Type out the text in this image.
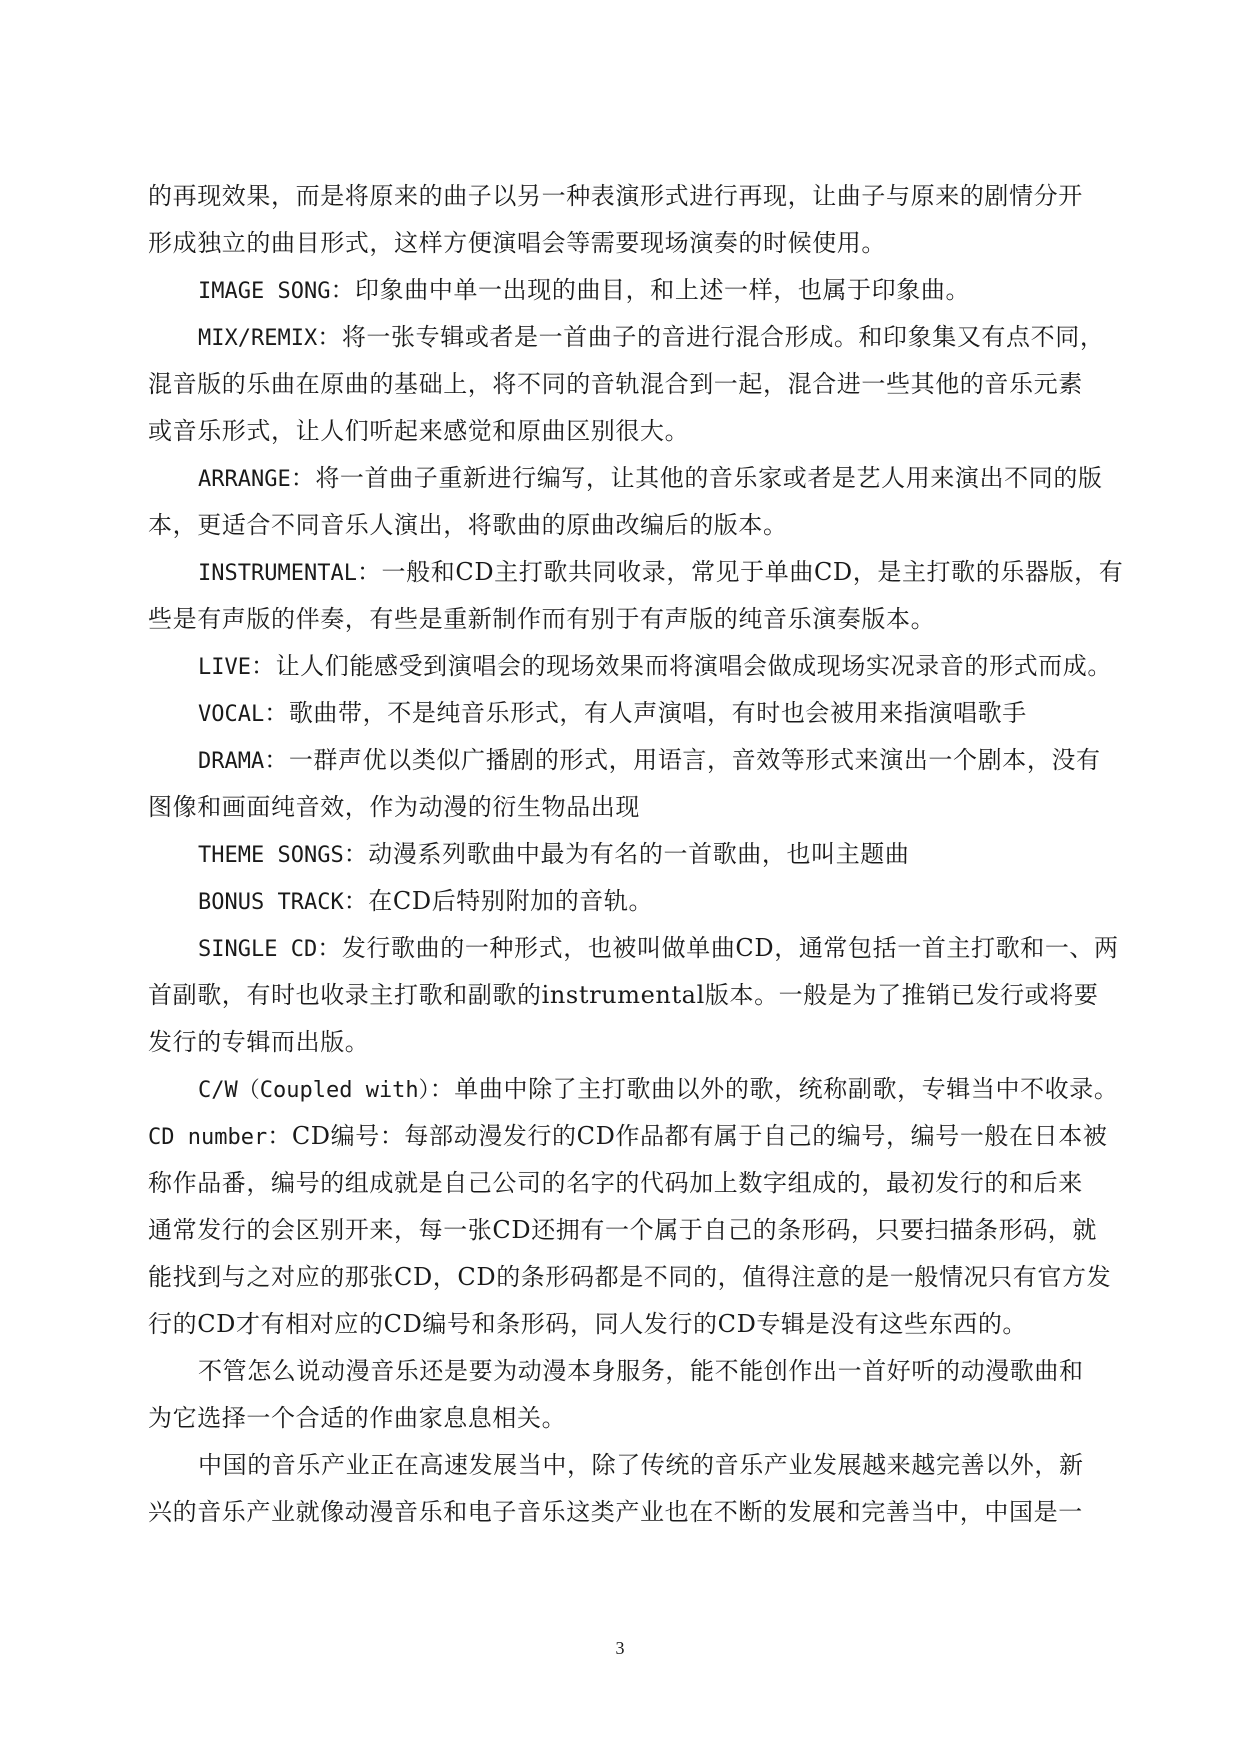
的再现效果，而是将原来的曲子以另一种表演形式进行再现，让曲子与原来的剧情分开
形成独立的曲目形式，这样方便演唱会等需要现场演奏的时候使用。
IMAGE SONG：印象曲中单一出现的曲目，和上述一样，也属于印象曲。
MIX/REMIX：将一张专辑或者是一首曲子的音进行混合形成。和印象集又有点不同，
混音版的乐曲在原曲的基础上，将不同的音轨混合到一起，混合进一些其他的音乐元素
或音乐形式，让人们听起来感觉和原曲区别很大。
ARRANGE：将一首曲子重新进行编写，让其他的音乐家或者是艺人用来演出不同的版
本，更适合不同音乐人演出，将歌曲的原曲改编后的版本。
INSTRUMENTAL：一般和CD主打歌共同收录，常见于单曲CD，是主打歌的乐器版，有
些是有声版的伴奏，有些是重新制作而有别于有声版的纯音乐演奏版本。
LIVE：让人们能感受到演唱会的现场效果而将演唱会做成现场实况录音的形式而成。
VOCAL：歌曲带，不是纯音乐形式，有人声演唱，有时也会被用来指演唱歌手
DRAMA：一群声优以类似广播剧的形式，用语言，音效等形式来演出一个剧本，没有
图像和画面纯音效，作为动漫的衍生物品出现
THEME SONGS：动漫系列歌曲中最为有名的一首歌曲，也叫主题曲
BONUS TRACK：在CD后特别附加的音轨。
SINGLE CD：发行歌曲的一种形式，也被叫做单曲CD，通常包括一首主打歌和一、两
首副歌，有时也收录主打歌和副歌的instrumental版本。一般是为了推销已发行或将要
发行的专辑而出版。
C/W（Coupled with）：单曲中除了主打歌曲以外的歌，统称副歌，专辑当中不收录。
CD number：CD编号：每部动漫发行的CD作品都有属于自己的编号，编号一般在日本被
称作品番，编号的组成就是自己公司的名字的代码加上数字组成的，最初发行的和后来
通常发行的会区别开来，每一张CD还拥有一个属于自己的条形码，只要扫描条形码，就
能找到与之对应的那张CD，CD的条形码都是不同的，值得注意的是一般情况只有官方发
行的CD才有相对应的CD编号和条形码，同人发行的CD专辑是没有这些东西的。
不管怎么说动漫音乐还是要为动漫本身服务，能不能创作出一首好听的动漫歌曲和
为它选择一个合适的作曲家息息相关。
中国的音乐产业正在高速发展当中，除了传统的音乐产业发展越来越完善以外，新
兴的音乐产业就像动漫音乐和电子音乐这类产业也在不断的发展和完善当中，中国是一
3
